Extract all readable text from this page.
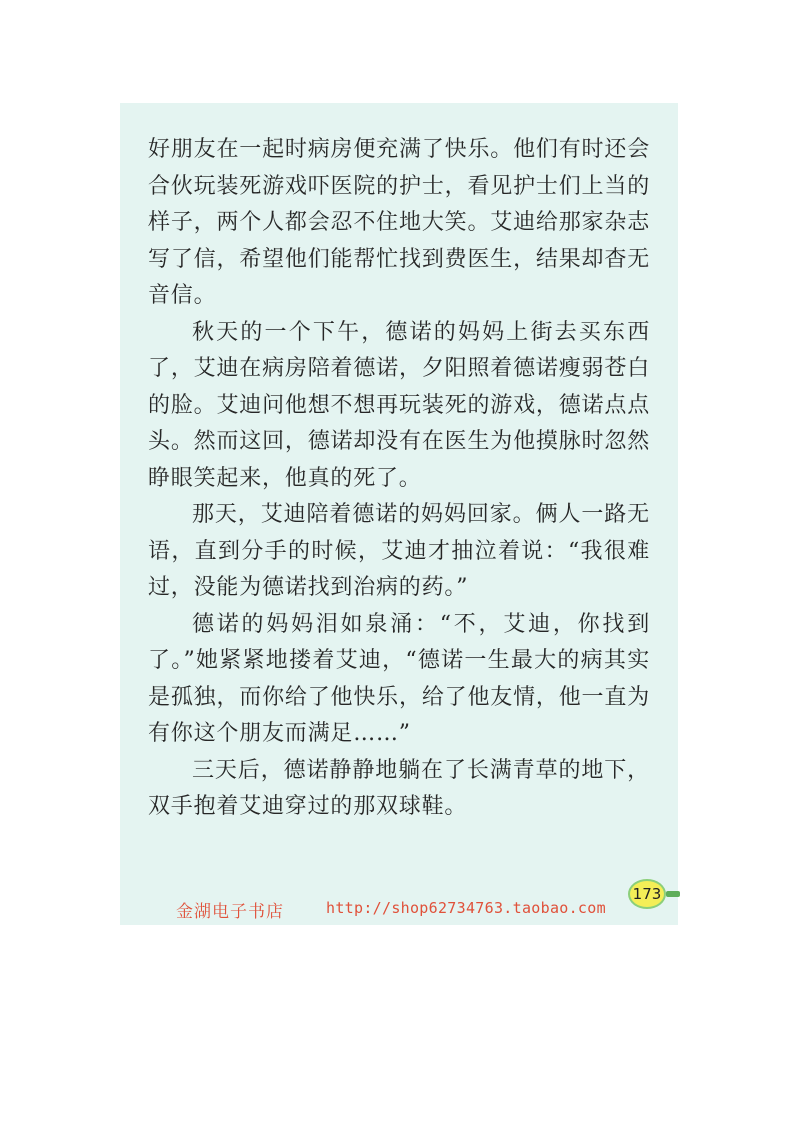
好朋友在一起时病房便充满了快乐。他们有时还会合伙玩装死游戏吓医院的护士，看见护士们上当的样子，两个人都会忍不住地大笑。艾迪给那家杂志写了信，希望他们能帮忙找到费医生，结果却杳无音信。

秋天的一个下午，德诺的妈妈上街去买东西了，艾迪在病房陪着德诺，夕阳照着德诺瘦弱苍白的脸。艾迪问他想不想再玩装死的游戏，德诺点点头。然而这回，德诺却没有在医生为他摸脉时忽然睁眼笑起来，他真的死了。

那天，艾迪陪着德诺的妈妈回家。俩人一路无语，直到分手的时候，艾迪才抽泣着说：“我很难过，没能为德诺找到治病的药。”

德诺的妈妈泪如泉涌：“不，艾迪，你找到了。”她紧紧地搂着艾迪，“德诺一生最大的病其实是孤独，而你给了他快乐，给了他友情，他一直为有你这个朋友而满足……”

三天后，德诺静静地躺在了长满青草的地下，双手抱着艾迪穿过的那双球鞋。

金湖电子书店	http://shop62734763.taobao.com
173
